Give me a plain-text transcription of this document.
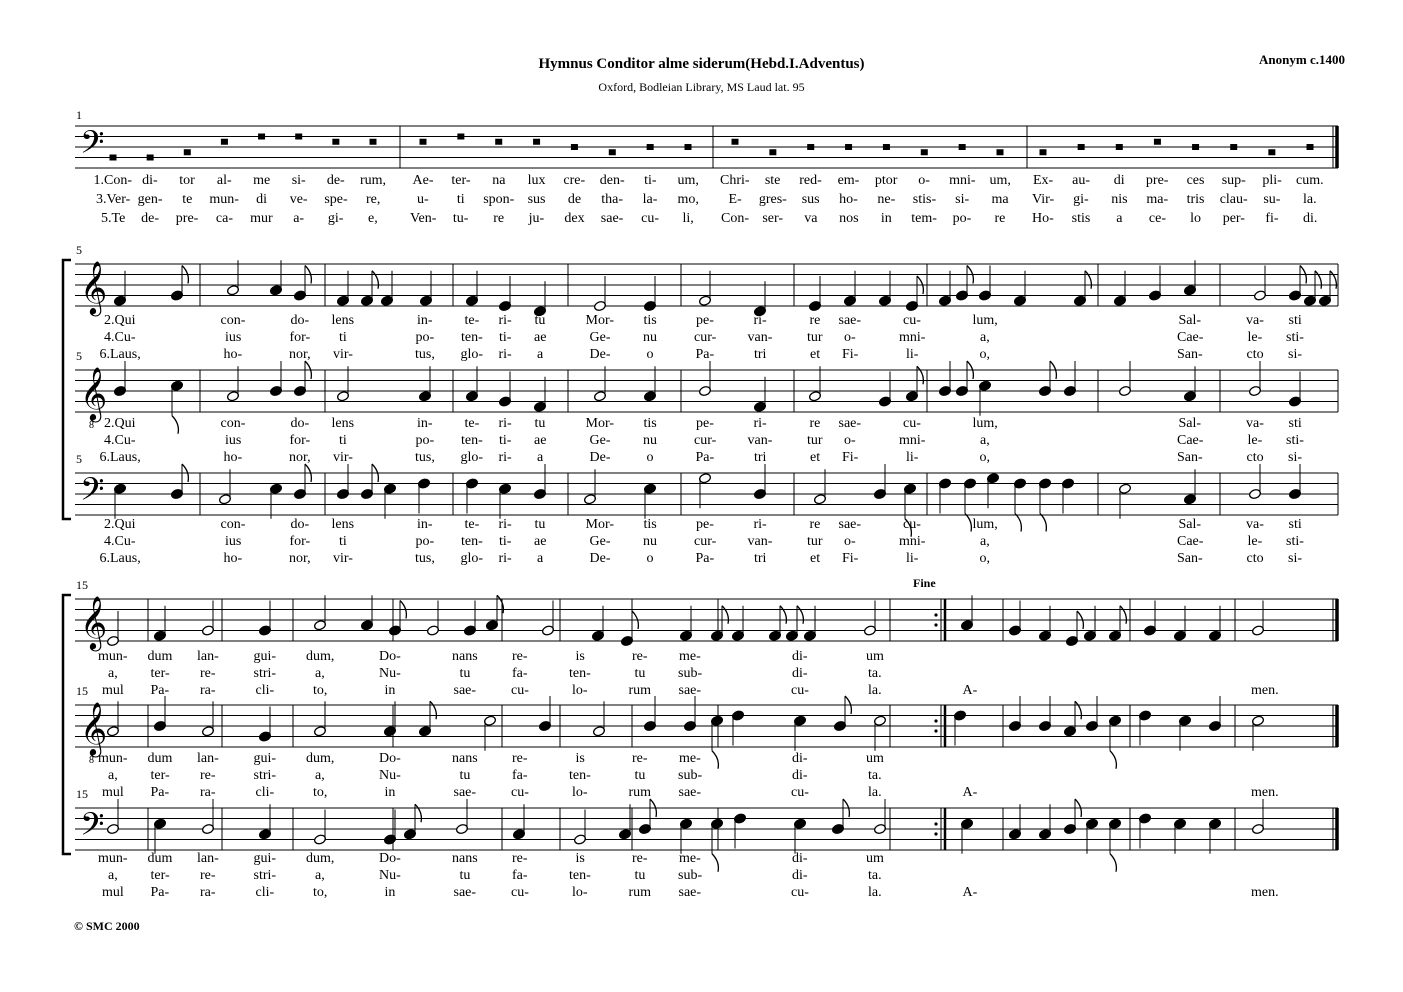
Hymnus Conditor alme siderum(Hebd.I.Adventus)
Oxford, Bodleian Library, MS Laud lat. 95
Anonym c.1400
© SMC 2000
Fine
1
5
5
5
15
15
15
𝄢
𝄞
𝄞
8
𝄢
𝄞
𝄞
8
𝄢
1.Con- di- tor al- me si- de- rum, Ae- ter- na lux cre- den- ti- um, Chri- ste red- em- ptor o- mni- um, Ex- au- di pre- ces sup- pli- cum.
3.Ver- gen- te mun- di ve- spe- re,	u- ti spon- sus de tha- la- mo, E- gres- sus ho- ne- stis- si- ma Vir- gi- nis ma- tris clau- su- la.
5.Te de- pre- ca- mur a- gi- e, Ven- tu- re ju- dex sae- cu- li, Con- ser- va nos in tem- po- re Ho- stis a ce- lo per- fi- di.
2.Qui	con-	do- lens	in- te- ri- tu	Mor- tis	pe-	ri-	re sae-	cu-	lum,	Sal-	va- sti
4.Cu-	ius	for- ti	po- ten- ti- ae	Ge- nu	cur- van- tur o-	mni-	a,	Cae-	le- sti-
6.Laus,	ho-	nor, vir-	tus, glo- ri- a	De-	o	Pa-	tri	et Fi-	li-	o,	San-	cto si-
2.Qui	con-	do- lens	in- te- ri- tu	Mor- tis	pe-	ri-	re sae-	cu-	lum,	Sal-	va- sti
4.Cu-	ius	for- ti	po- ten- ti- ae	Ge- nu	cur- van- tur o-	mni-	a,	Cae-	le- sti-
6.Laus,	ho-	nor, vir-	tus, glo- ri- a	De-	o	Pa-	tri	et Fi-	li-	o,	San-	cto si-
2.Qui	con-	do- lens	in- te- ri- tu	Mor- tis	pe-	ri-	re sae-	cu-	lum,	Sal-	va- sti
4.Cu-	ius	for- ti	po- ten- ti- ae	Ge- nu	cur- van- tur o-	mni-	a,	Cae-	le- sti-
6.Laus,	ho-	nor, vir-	tus, glo- ri- a	De-	o	Pa-	tri	et Fi-	li-	o,	San-	cto si-
mun- dum lan- gui- dum,	Do-	nans re-	is	re- me-	di-	um
a, ter- re-	stri-	a,	Nu-	tu	fa-	ten-	tu sub-	di-	ta.
mul Pa- ra-	cli-	to,	in	sae- cu-	lo-	rum sae-	cu-	la.	A-	men.
mun- dum lan- gui- dum,	Do-	nans re-	is	re- me-	di-	um
a, ter- re-	stri-	a,	Nu-	tu	fa-	ten-	tu sub-	di-	ta.
mul Pa- ra-	cli-	to,	in	sae- cu-	lo-	rum sae-	cu-	la.	A-	men.
mun- dum lan- gui- dum,	Do-	nans re-	is	re- me-	di-	um
a, ter- re-	stri-	a,	Nu-	tu	fa-	ten-	tu sub-	di-	ta.
mul Pa- ra-	cli-	to,	in	sae- cu-	lo-	rum sae-	cu-	la.	A-	men.
